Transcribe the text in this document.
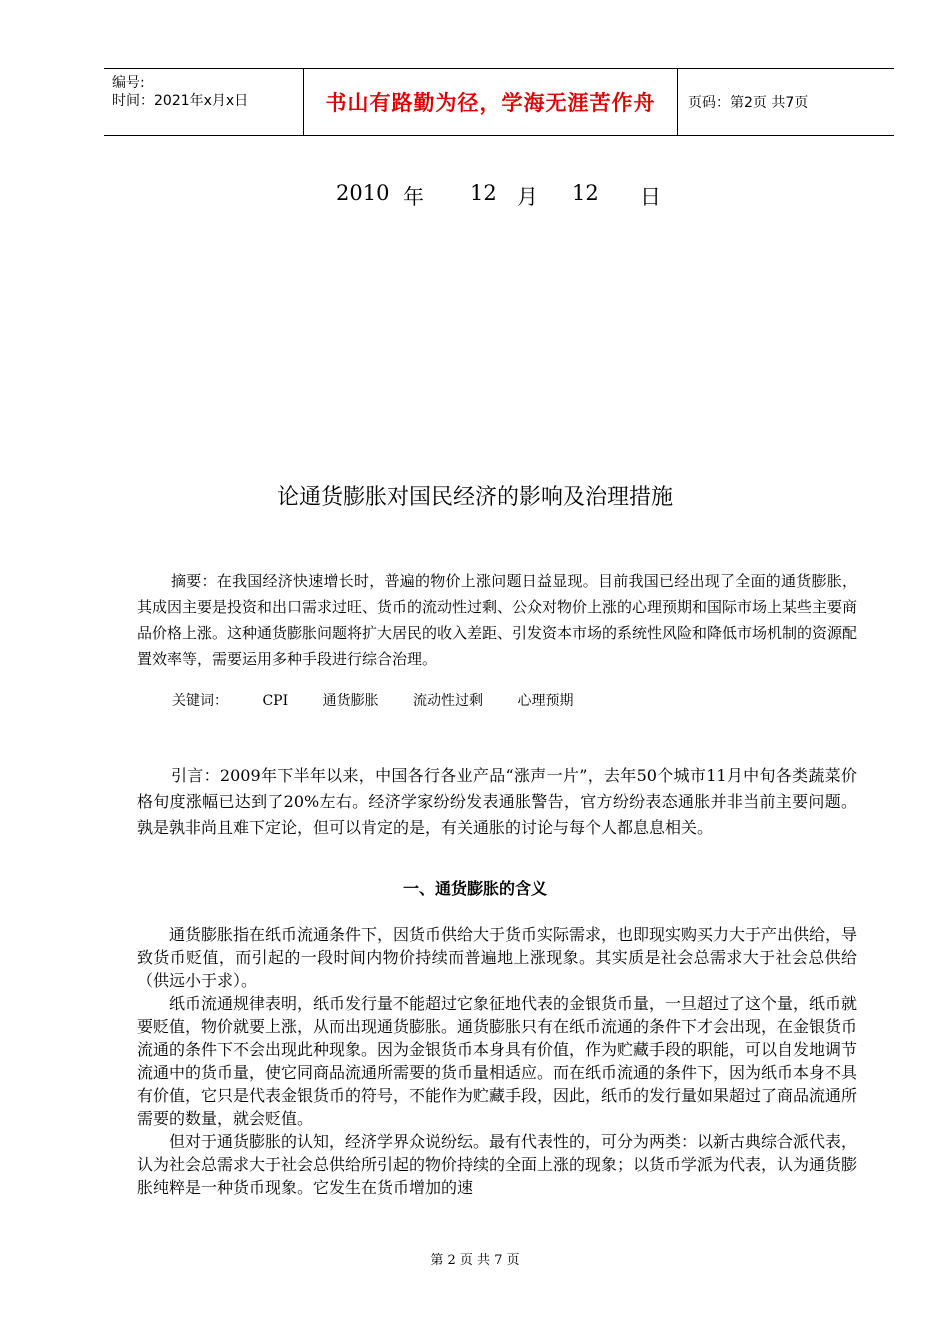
编号:
时间：2021年x月x日	书山有路勤为径，学海无涯苦作舟 页码：第2页 共7页
2010 年 12 月 12 日
论通货膨胀对国民经济的影响及治理措施
摘要：在我国经济快速增长时，普遍的物价上涨问题日益显现。目前我国已经出现了全面的通货膨胀，其成因主要是投资和出口需求过旺、货币的流动性过剩、公众对物价上涨的心理预期和国际市场上某些主要商品价格上涨。这种通货膨胀问题将扩大居民的收入差距、引发资本市场的系统性风险和降低市场机制的资源配置效率等，需要运用多种手段进行综合治理。
关键词： CPI 通货膨胀 流动性过剩 心理预期
引言：2009年下半年以来，中国各行各业产品“涨声一片”，去年50个城市11月中旬各类蔬菜价格旬度涨幅已达到了20%左右。经济学家纷纷发表通胀警告，官方纷纷表态通胀并非当前主要问题。孰是孰非尚且难下定论，但可以肯定的是，有关通胀的讨论与每个人都息息相关。
一、通货膨胀的含义

通货膨胀指在纸币流通条件下，因货币供给大于货币实际需求，也即现实购买力大于产出供给，导致货币贬值，而引起的一段时间内物价持续而普遍地上涨现象。其实质是社会总需求大于社会总供给 （供远小于求）。

纸币流通规律表明，纸币发行量不能超过它象征地代表的金银货币量，一旦超过了这个量，纸币就要贬值，物价就要上涨，从而出现通货膨胀。通货膨胀只有在纸币流通的条件下才会出现，在金银货币流通的条件下不会出现此种现象。因为金银货币本身具有价值，作为贮藏手段的职能，可以自发地调节流通中的货币量，使它同商品流通所需要的货币量相适应。而在纸币流通的条件下，因为纸币本身不具有价值，它只是代表金银货币的符号，不能作为贮藏手段，因此，纸币的发行量如果超过了商品流通所需要的数量，就会贬值。

但对于通货膨胀的认知，经济学界众说纷纭。最有代表性的，可分为两类：以新古典综合派代表，认为社会总需求大于社会总供给所引起的物价持续的全面上涨的现象；以货币学派为代表，认为通货膨胀纯粹是一种货币现象。它发生在货币增加的速

第 2 页 共 7 页
